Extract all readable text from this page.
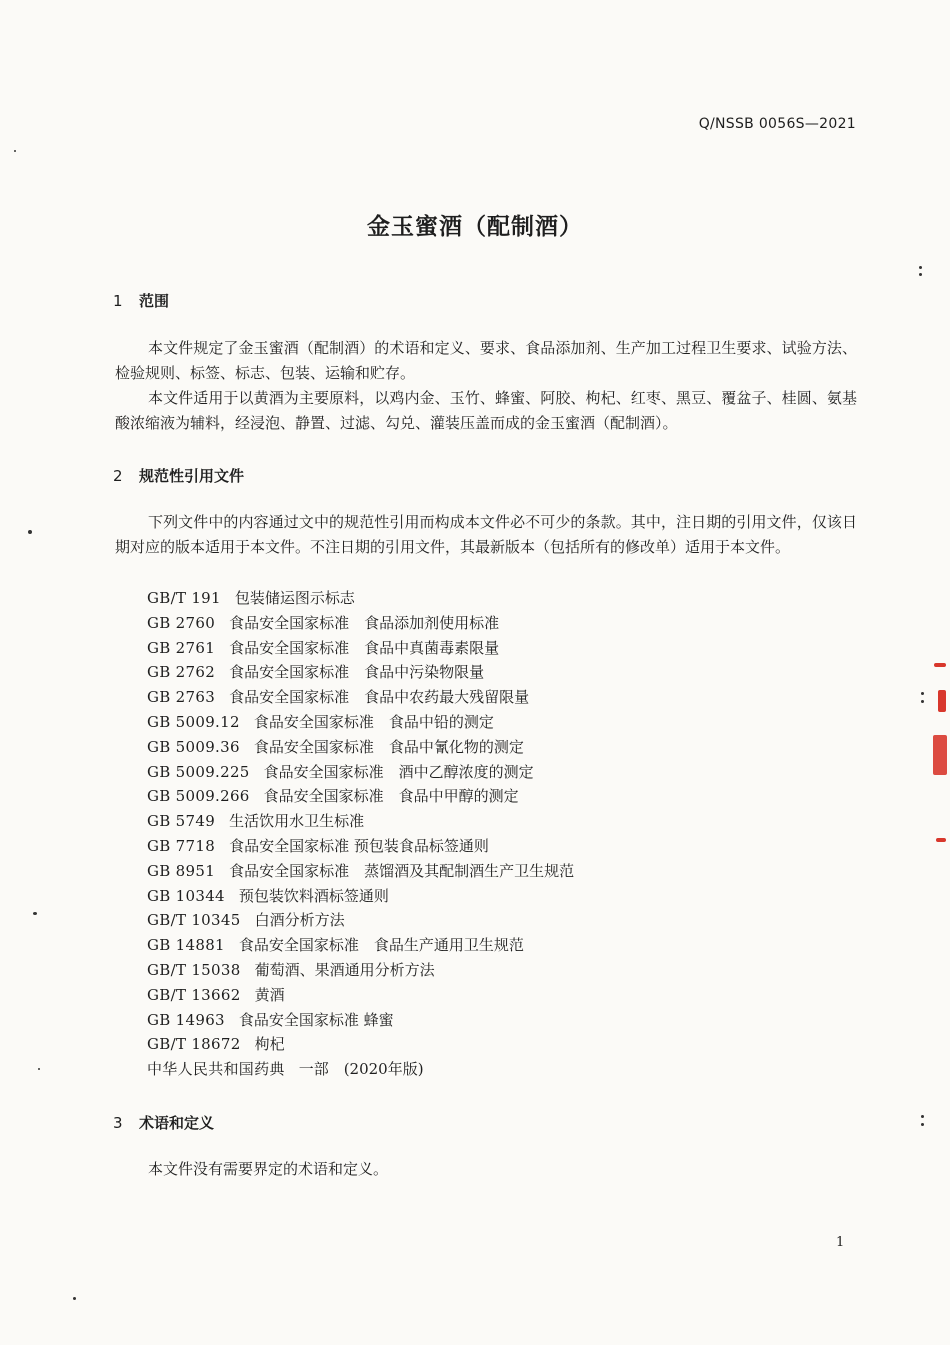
Q/NSSB 0056S—2021
金玉蜜酒（配制酒）
1 范围

本文件规定了金玉蜜酒（配制酒）的术语和定义、要求、食品添加剂、生产加工过程卫生要求、试验方法、检验规则、标签、标志、包装、运输和贮存。

本文件适用于以黄酒为主要原料，以鸡内金、玉竹、蜂蜜、阿胶、枸杞、红枣、黑豆、覆盆子、桂圆、氨基酸浓缩液为辅料，经浸泡、静置、过滤、勾兑、灌装压盖而成的金玉蜜酒（配制酒）。

2 规范性引用文件

下列文件中的内容通过文中的规范性引用而构成本文件必不可少的条款。其中，注日期的引用文件，仅该日期对应的版本适用于本文件。不注日期的引用文件，其最新版本（包括所有的修改单）适用于本文件。

GB/T 191 包装储运图示标志
GB 2760 食品安全国家标准　食品添加剂使用标准
GB 2761 食品安全国家标准　食品中真菌毒素限量
GB 2762 食品安全国家标准　食品中污染物限量
GB 2763 食品安全国家标准　食品中农药最大残留限量
GB 5009.12 食品安全国家标准　食品中铅的测定
GB 5009.36 食品安全国家标准　食品中氰化物的测定
GB 5009.225 食品安全国家标准　酒中乙醇浓度的测定
GB 5009.266 食品安全国家标准　食品中甲醇的测定
GB 5749 生活饮用水卫生标准
GB 7718 食品安全国家标准 预包装食品标签通则
GB 8951 食品安全国家标准　蒸馏酒及其配制酒生产卫生规范
GB 10344 预包装饮料酒标签通则
GB/T 10345 白酒分析方法
GB 14881 食品安全国家标准　食品生产通用卫生规范
GB/T 15038 葡萄酒、果酒通用分析方法
GB/T 13662 黄酒
GB 14963 食品安全国家标准 蜂蜜
GB/T 18672 枸杞
中华人民共和国药典 一部　(2020年版)
3 术语和定义

本文件没有需要界定的术语和定义。

1
